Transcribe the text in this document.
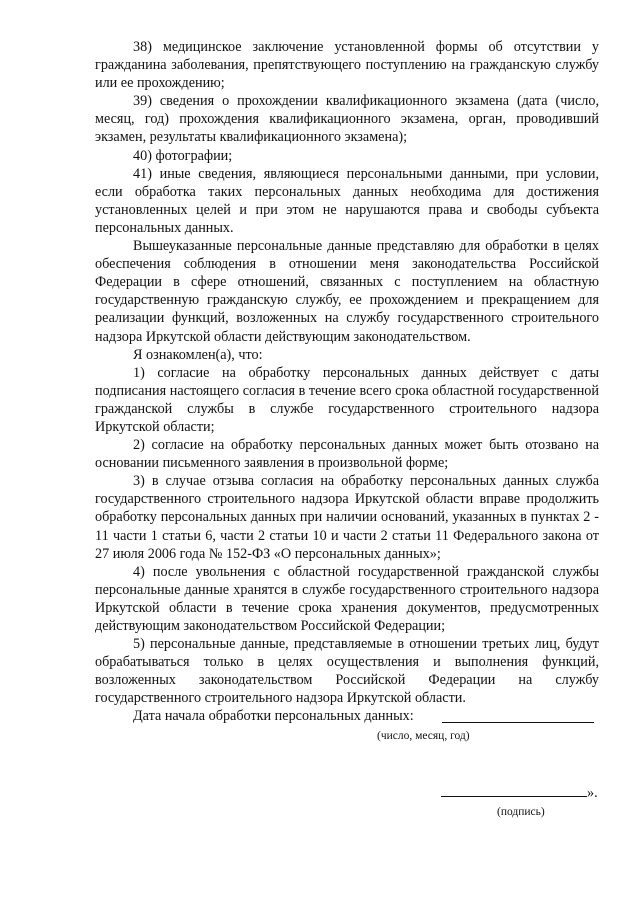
38) медицинское заключение установленной формы об отсутствии у гражданина заболевания, препятствующего поступлению на гражданскую службу или ее прохождению;

39) сведения о прохождении квалификационного экзамена (дата (число, месяц, год) прохождения квалификационного экзамена, орган, проводивший экзамен, результаты квалификационного экзамена);

40) фотографии;

41) иные сведения, являющиеся персональными данными, при условии, если обработка таких персональных данных необходима для достижения установленных целей и при этом не нарушаются права и свободы субъекта персональных данных.

Вышеуказанные персональные данные представляю для обработки в целях обеспечения соблюдения в отношении меня законодательства Российской Федерации в сфере отношений, связанных с поступлением на областную государственную гражданскую службу, ее прохождением и прекращением для реализации функций, возложенных на службу государственного строительного надзора Иркутской области действующим законодательством.

Я ознакомлен(а), что:

1) согласие на обработку персональных данных действует с даты подписания настоящего согласия в течение всего срока областной государственной гражданской службы в службе государственного строительного надзора Иркутской области;

2) согласие на обработку персональных данных может быть отозвано на основании письменного заявления в произвольной форме;

3) в случае отзыва согласия на обработку персональных данных служба государственного строительного надзора Иркутской области вправе продолжить обработку персональных данных при наличии оснований, указанных в пунктах 2 - 11 части 1 статьи 6, части 2 статьи 10 и части 2 статьи 11 Федерального закона от 27 июля 2006 года № 152-ФЗ «О персональных данных»;

4) после увольнения с областной государственной гражданской службы персональные данные хранятся в службе государственного строительного надзора Иркутской области в течение срока хранения документов, предусмотренных действующим законодательством Российской Федерации;

5) персональные данные, представляемые в отношении третьих лиц, будут обрабатываться только в целях осуществления и выполнения функций, возложенных законодательством Российской Федерации на службу государственного строительного надзора Иркутской области.

Дата начала обработки персональных данных:
(число, месяц, год)
».
(подпись)
